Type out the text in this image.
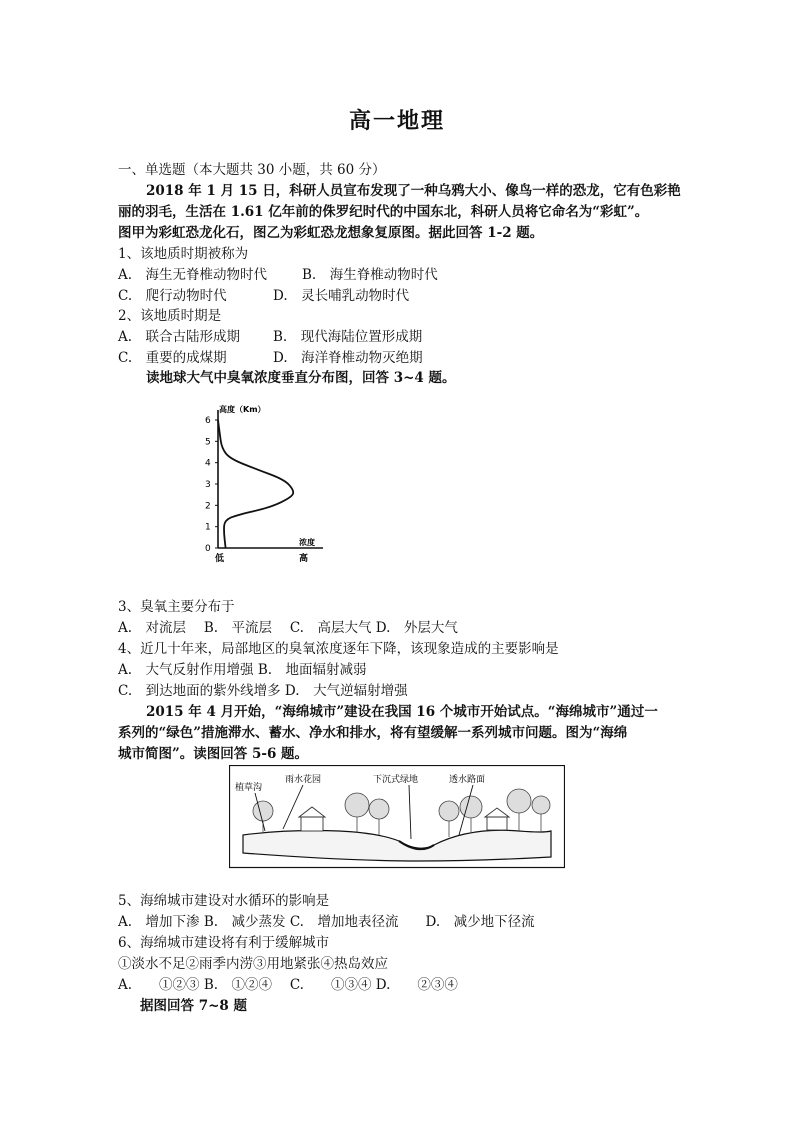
高一地理
一、单选题（本大题共 30 小题，共 60 分）
2018 年 1 月 15 日，科研人员宣布发现了一种乌鸦大小、像鸟一样的恐龙，它有色彩艳
丽的羽毛，生活在 1.61 亿年前的侏罗纪时代的中国东北，科研人员将它命名为“彩虹”。
图甲为彩虹恐龙化石，图乙为彩虹恐龙想象复原图。据此回答 1-2 题。
1、该地质时期被称为
A.　海生无脊椎动物时代	B.　海生脊椎动物时代
C.　爬行动物时代	D.　灵长哺乳动物时代
2、该地质时期是
A.　联合古陆形成期 B.　现代海陆位置形成期
C.　重要的成煤期	D.　海洋脊椎动物灭绝期
读地球大气中臭氧浓度垂直分布图，回答 3~4 题。
高度（Km）
浓度
0
1
2
3
4
5
6
低	高
3、臭氧主要分布于
A.　对流层　 B.　平流层　 C.　高层大气 D.　外层大气
4、近几十年来，局部地区的臭氧浓度逐年下降，该现象造成的主要影响是
A.　大气反射作用增强 B.　地面辐射减弱
C.　到达地面的紫外线增多 D.　大气逆辐射增强
2015 年 4 月开始，“海绵城市”建设在我国 16 个城市开始试点。“海绵城市”通过一
系列的“绿色”措施滞水、蓄水、净水和排水，将有望缓解一系列城市问题。图为“海绵
城市简图”。读图回答 5-6 题。
植草沟
雨水花园	下沉式绿地	透水路面
5、海绵城市建设对水循环的影响是
A.　增加下渗 B.　减少蒸发 C.　增加地表径流　　D.　减少地下径流
6、海绵城市建设将有利于缓解城市
①淡水不足②雨季内涝③用地紧张④热岛效应
A.　　①②③ B.　①②④　 C.　　①③④ D.　　②③④
据图回答 7~8 题
